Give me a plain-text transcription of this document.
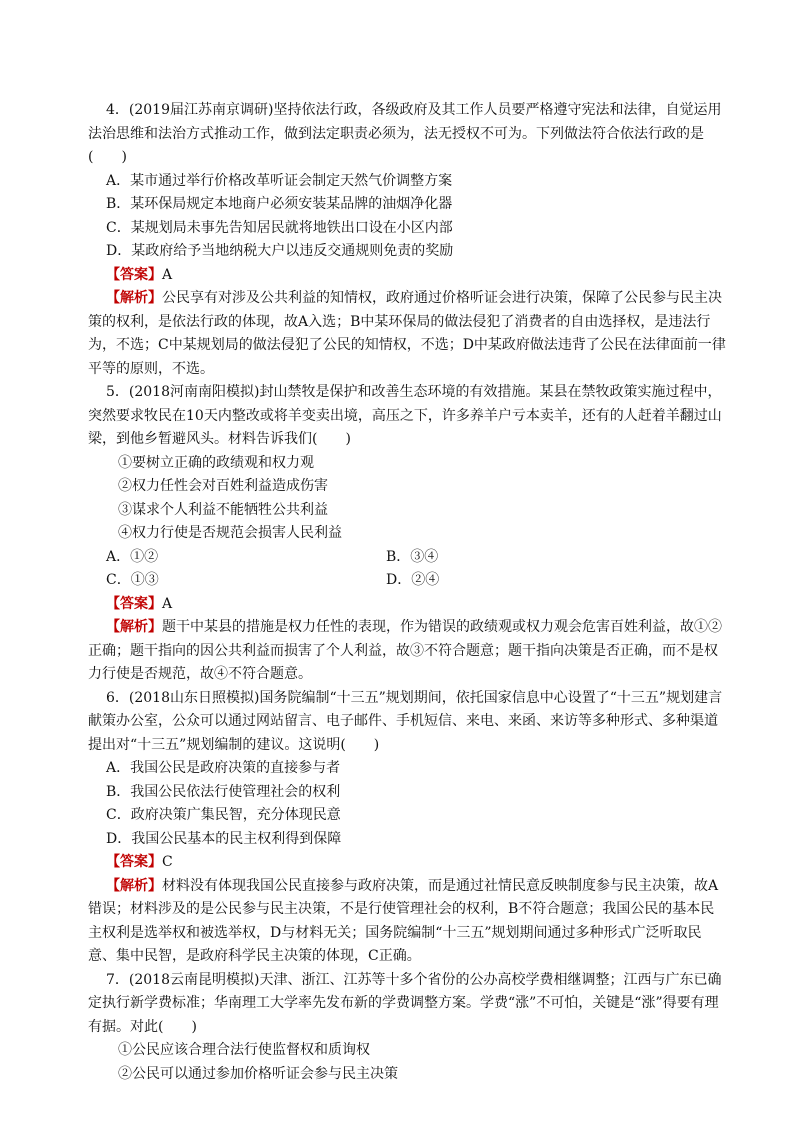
4．(2019届江苏南京调研)坚持依法行政，各级政府及其工作人员要严格遵守宪法和法律，自觉运用法治思维和法治方式推动工作，做到法定职责必须为，法无授权不可为。下列做法符合依法行政的是(　　)

A．某市通过举行价格改革听证会制定天然气价调整方案

B．某环保局规定本地商户必须安装某品牌的油烟净化器

C．某规划局未事先告知居民就将地铁出口设在小区内部

D．某政府给予当地纳税大户以违反交通规则免责的奖励

【答案】A

【解析】公民享有对涉及公共利益的知情权，政府通过价格听证会进行决策，保障了公民参与民主决策的权利，是依法行政的体现，故A入选；B中某环保局的做法侵犯了消费者的自由选择权，是违法行为，不选；C中某规划局的做法侵犯了公民的知情权，不选；D中某政府做法违背了公民在法律面前一律平等的原则，不选。

5．(2018河南南阳模拟)封山禁牧是保护和改善生态环境的有效措施。某县在禁牧政策实施过程中，突然要求牧民在10天内整改或将羊变卖出境，高压之下，许多养羊户亏本卖羊，还有的人赶着羊翻过山梁，到他乡暂避风头。材料告诉我们(　　)

①要树立正确的政绩观和权力观

②权力任性会对百姓利益造成伤害

③谋求个人利益不能牺牲公共利益

④权力行使是否规范会损害人民利益

A．①②	B．③④
C．①③	D．②④

【答案】A

【解析】题干中某县的措施是权力任性的表现，作为错误的政绩观或权力观会危害百姓利益，故①②正确；题干指向的因公共利益而损害了个人利益，故③不符合题意；题干指向决策是否正确，而不是权力行使是否规范，故④不符合题意。

6．(2018山东日照模拟)国务院编制“十三五”规划期间，依托国家信息中心设置了“十三五”规划建言献策办公室，公众可以通过网站留言、电子邮件、手机短信、来电、来函、来访等多种形式、多种渠道提出对“十三五”规划编制的建议。这说明(　　)

A．我国公民是政府决策的直接参与者

B．我国公民依法行使管理社会的权利

C．政府决策广集民智，充分体现民意

D．我国公民基本的民主权利得到保障

【答案】C

【解析】材料没有体现我国公民直接参与政府决策，而是通过社情民意反映制度参与民主决策，故A错误；材料涉及的是公民参与民主决策，不是行使管理社会的权利，B不符合题意；我国公民的基本民主权利是选举权和被选举权，D与材料无关；国务院编制“十三五”规划期间通过多种形式广泛听取民意、集中民智，是政府科学民主决策的体现，C正确。

7．(2018云南昆明模拟)天津、浙江、江苏等十多个省份的公办高校学费相继调整；江西与广东已确定执行新学费标准；华南理工大学率先发布新的学费调整方案。学费“涨”不可怕，关键是“涨”得要有理有据。对此(　　)

①公民应该合理合法行使监督权和质询权

②公民可以通过参加价格听证会参与民主决策
